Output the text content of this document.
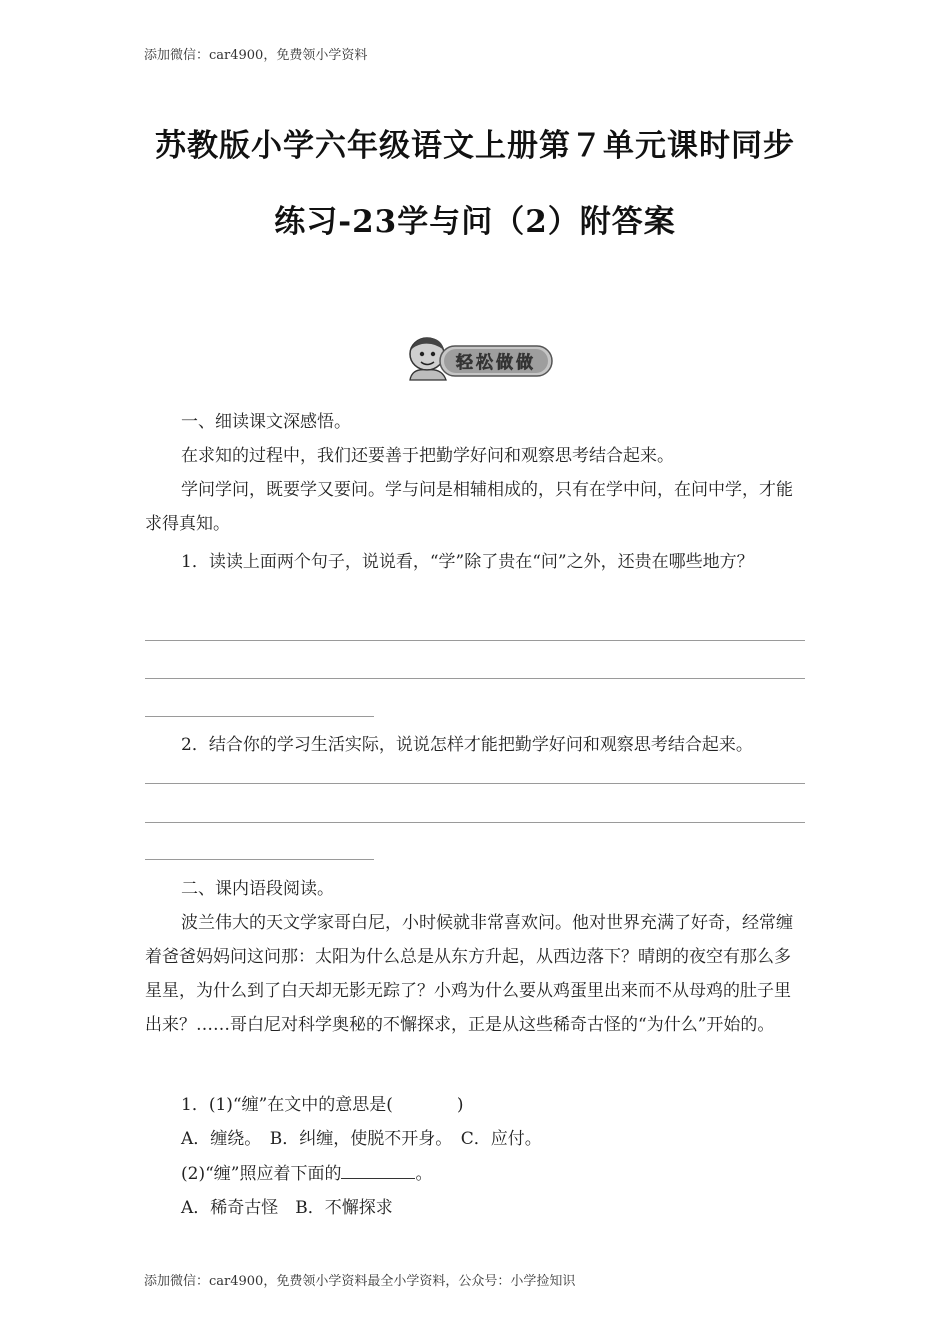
添加微信：car4900，免费领小学资料
苏教版小学六年级语文上册第７单元课时同步
练习-23学与问（2）附答案
轻松做做

一、细读课文深感悟。

在求知的过程中，我们还要善于把勤学好问和观察思考结合起来。

学问学问，既要学又要问。学与问是相辅相成的，只有在学中问，在问中学，才能求得真知。

1．读读上面两个句子，说说看，“学”除了贵在“问”之外，还贵在哪些地方？

2．结合你的学习生活实际，说说怎样才能把勤学好问和观察思考结合起来。

二、课内语段阅读。

波兰伟大的天文学家哥白尼，小时候就非常喜欢问。他对世界充满了好奇，经常缠着爸爸妈妈问这问那：太阳为什么总是从东方升起，从西边落下？晴朗的夜空有那么多星星，为什么到了白天却无影无踪了？小鸡为什么要从鸡蛋里出来而不从母鸡的肚子里出来？……哥白尼对科学奥秘的不懈探求，正是从这些稀奇古怪的“为什么”开始的。

1．(1)“缠”在文中的意思是(	)

A．缠绕。　B．纠缠，使脱不开身。　C．应付。

(2)“缠”照应着下面的	。

A．稀奇古怪　B．不懈探求

添加微信：car4900，免费领小学资料最全小学资料，公众号：小学捡知识
